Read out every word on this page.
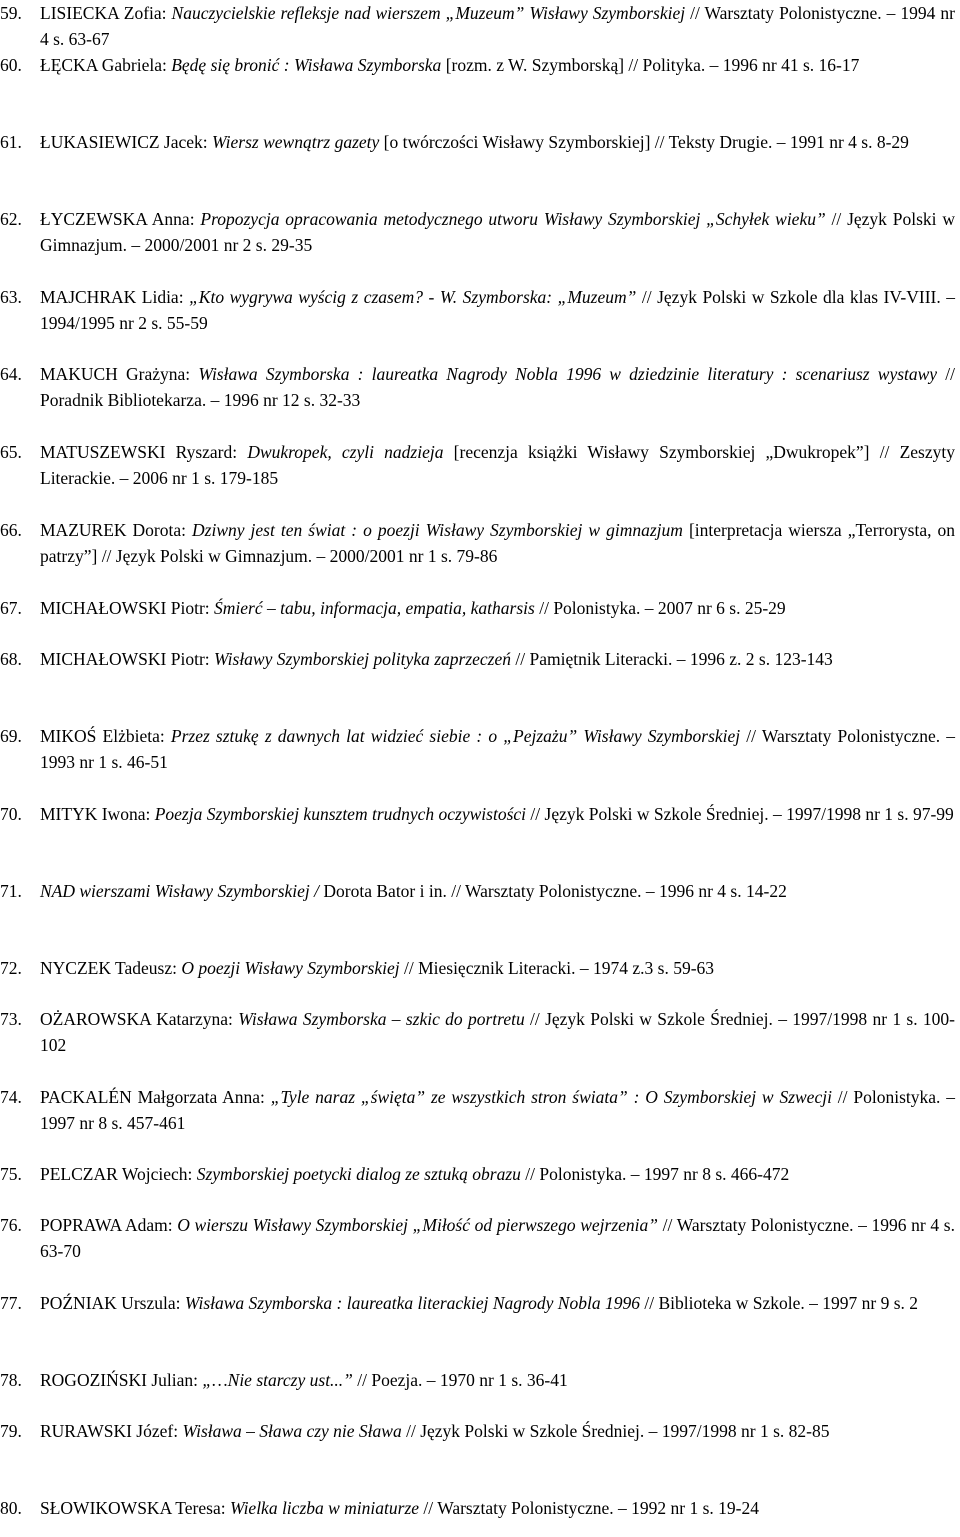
59.	LISIECKA Zofia: Nauczycielskie refleksje nad wierszem „Muzeum” Wisławy Szymborskiej // Warsztaty Polonistyczne. – 1994 nr 4 s. 63-67
60.	ŁĘCKA Gabriela: Będę się bronić : Wisława Szymborska [rozm. z W. Szymborską] // Polityka. – 1996 nr 41 s. 16-17
61.	ŁUKASIEWICZ Jacek: Wiersz wewnątrz gazety [o twórczości Wisławy Szymborskiej] // Teksty Drugie. – 1991 nr 4 s. 8-29
62.	ŁYCZEWSKA Anna: Propozycja opracowania metodycznego utworu Wisławy Szymborskiej „Schyłek wieku” // Język Polski w Gimnazjum. – 2000/2001 nr 2 s. 29-35
63.	MAJCHRAK Lidia: „Kto wygrywa wyścig z czasem? - W. Szymborska: „Muzeum” // Język Polski w Szkole dla klas IV-VIII. – 1994/1995 nr 2 s. 55-59
64.	MAKUCH Grażyna: Wisława Szymborska : laureatka Nagrody Nobla 1996 w dziedzinie literatury : scenariusz wystawy // Poradnik Bibliotekarza. – 1996 nr 12 s. 32-33
65.	MATUSZEWSKI Ryszard: Dwukropek, czyli nadzieja [recenzja książki Wisławy Szymborskiej „Dwukropek”] // Zeszyty Literackie. – 2006 nr 1 s. 179-185
66.	MAZUREK Dorota: Dziwny jest ten świat : o poezji Wisławy Szymborskiej w gimnazjum [interpretacja wiersza „Terrorysta, on patrzy”] // Język Polski w Gimnazjum. – 2000/2001 nr 1 s. 79-86
67.	MICHAŁOWSKI Piotr: Śmierć – tabu, informacja, empatia, katharsis // Polonistyka. – 2007 nr 6 s. 25-29
68.	MICHAŁOWSKI Piotr: Wisławy Szymborskiej polityka zaprzeczeń // Pamiętnik Literacki. – 1996 z. 2 s. 123-143
69.	MIKOŚ Elżbieta: Przez sztukę z dawnych lat widzieć siebie : o „Pejzażu” Wisławy Szymborskiej // Warsztaty Polonistyczne. – 1993 nr 1 s. 46-51
70.	MITYK Iwona: Poezja Szymborskiej kunsztem trudnych oczywistości // Język Polski w Szkole Średniej. – 1997/1998 nr 1 s. 97-99
71.	NAD wierszami Wisławy Szymborskiej / Dorota Bator i in. // Warsztaty Polonistyczne. – 1996 nr 4 s. 14-22
72.	NYCZEK Tadeusz: O poezji Wisławy Szymborskiej // Miesięcznik Literacki. – 1974 z.3 s. 59-63
73.	OŻAROWSKA Katarzyna: Wisława Szymborska – szkic do portretu // Język Polski w Szkole Średniej. – 1997/1998 nr 1 s. 100-102
74.	PACKALÉN Małgorzata Anna: „Tyle naraz „święta” ze wszystkich stron świata” : O Szymborskiej w Szwecji // Polonistyka. – 1997 nr 8 s. 457-461
75.	PELCZAR Wojciech: Szymborskiej poetycki dialog ze sztuką obrazu // Polonistyka. – 1997 nr 8 s. 466-472
76.	POPRAWA Adam: O wierszu Wisławy Szymborskiej „Miłość od pierwszego wejrzenia” // Warsztaty Polonistyczne. – 1996 nr 4 s. 63-70
77.	POŹNIAK Urszula: Wisława Szymborska : laureatka literackiej Nagrody Nobla 1996 // Biblioteka w Szkole. – 1997 nr 9 s. 2
78.	ROGOZIŃSKI Julian: „…Nie starczy ust...” // Poezja. – 1970 nr 1 s. 36-41
79.	RURAWSKI Józef: Wisława – Sława czy nie Sława // Język Polski w Szkole Średniej. – 1997/1998 nr 1 s. 82-85
80.	SŁOWIKOWSKA Teresa: Wielka liczba w miniaturze // Warsztaty Polonistyczne. – 1992 nr 1 s. 19-24
